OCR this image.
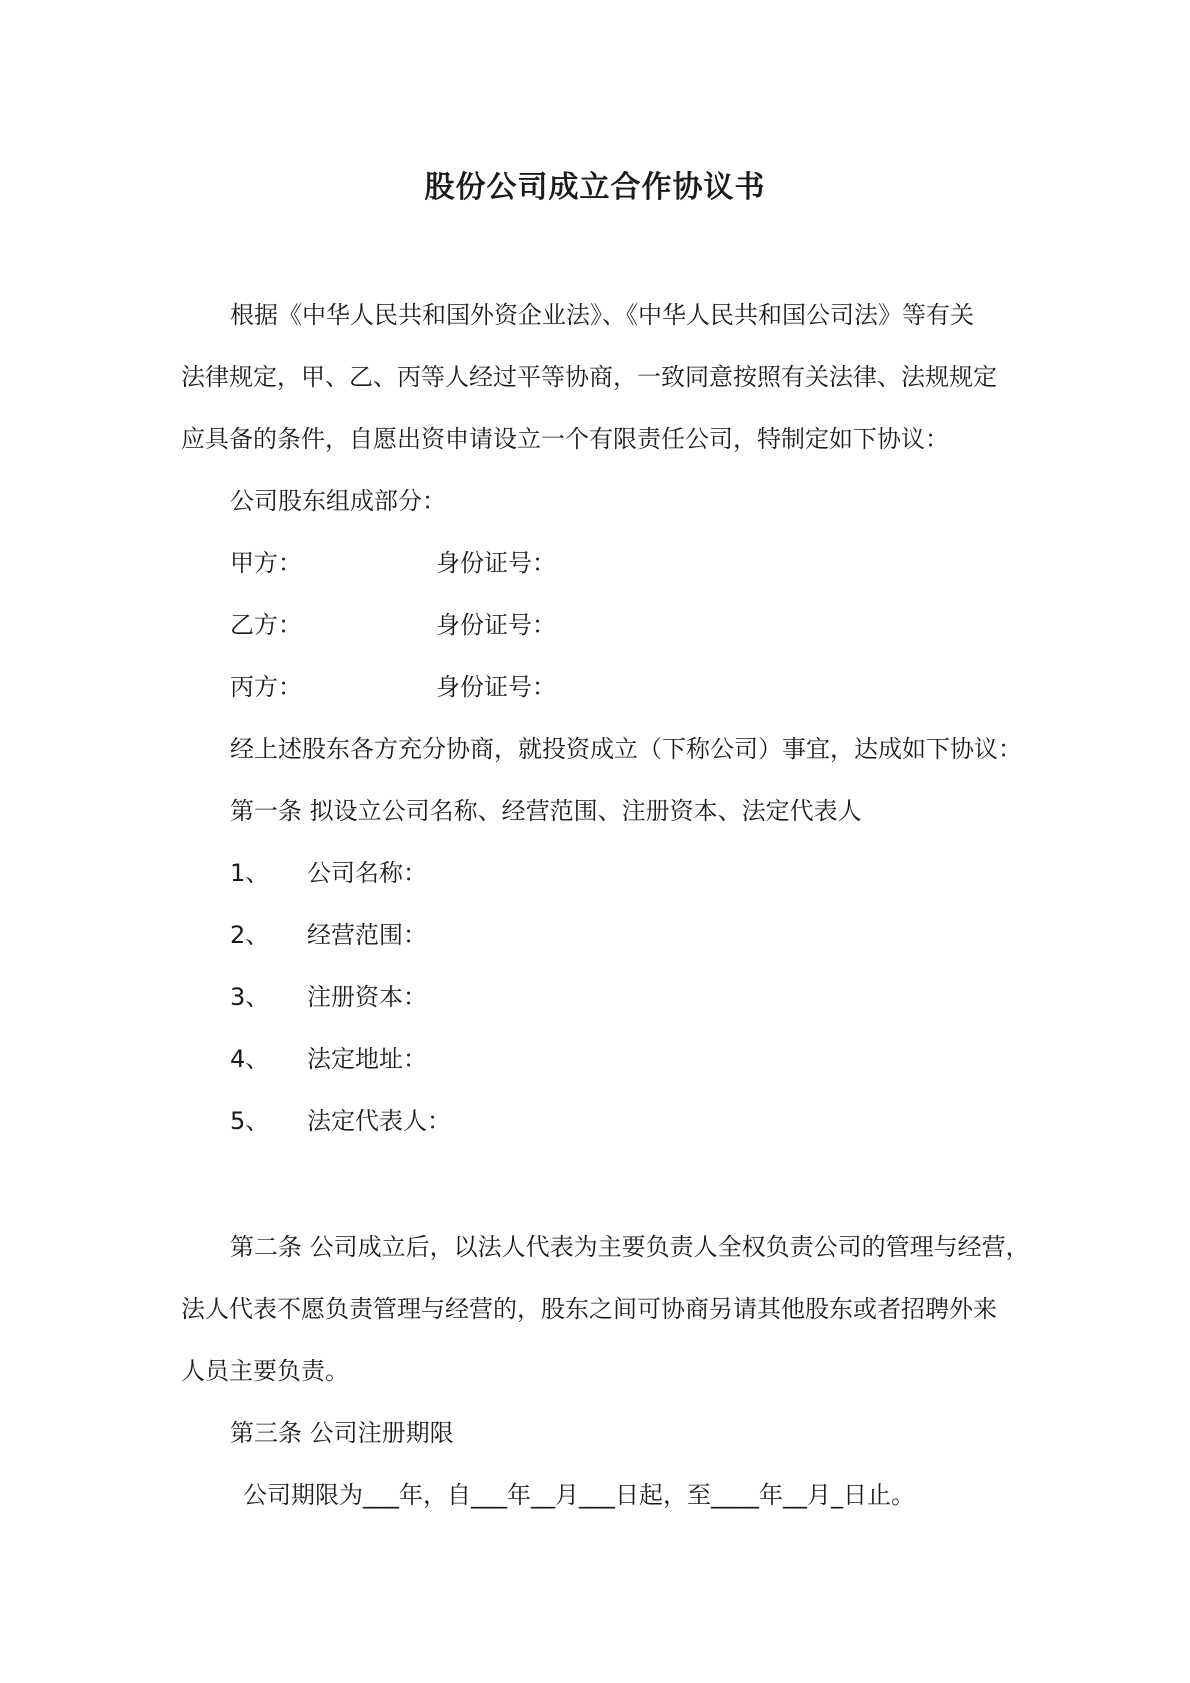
股份公司成立合作协议书
根据《中华人民共和国外资企业法》、《中华人民共和国公司法》等有关
法律规定，甲、乙、丙等人经过平等协商，一致同意按照有关法律、法规规定
应具备的条件，自愿出资申请设立一个有限责任公司，特制定如下协议：
公司股东组成部分：
甲方：	身份证号：
乙方：	身份证号：
丙方：	身份证号：
经上述股东各方充分协商，就投资成立（下称公司）事宜，达成如下协议：
第一条 拟设立公司名称、经营范围、注册资本、法定代表人
1、 公司名称：
2、 经营范围：
3、 注册资本：
4、 法定地址：
5、 法定代表人：
第二条 公司成立后，以法人代表为主要负责人全权负责公司的管理与经营，
法人代表不愿负责管理与经营的，股东之间可协商另请其他股东或者招聘外来
人员主要负责。
第三条 公司注册期限
公司期限为___年，自___年__月___日起，至____年__月_日止。
